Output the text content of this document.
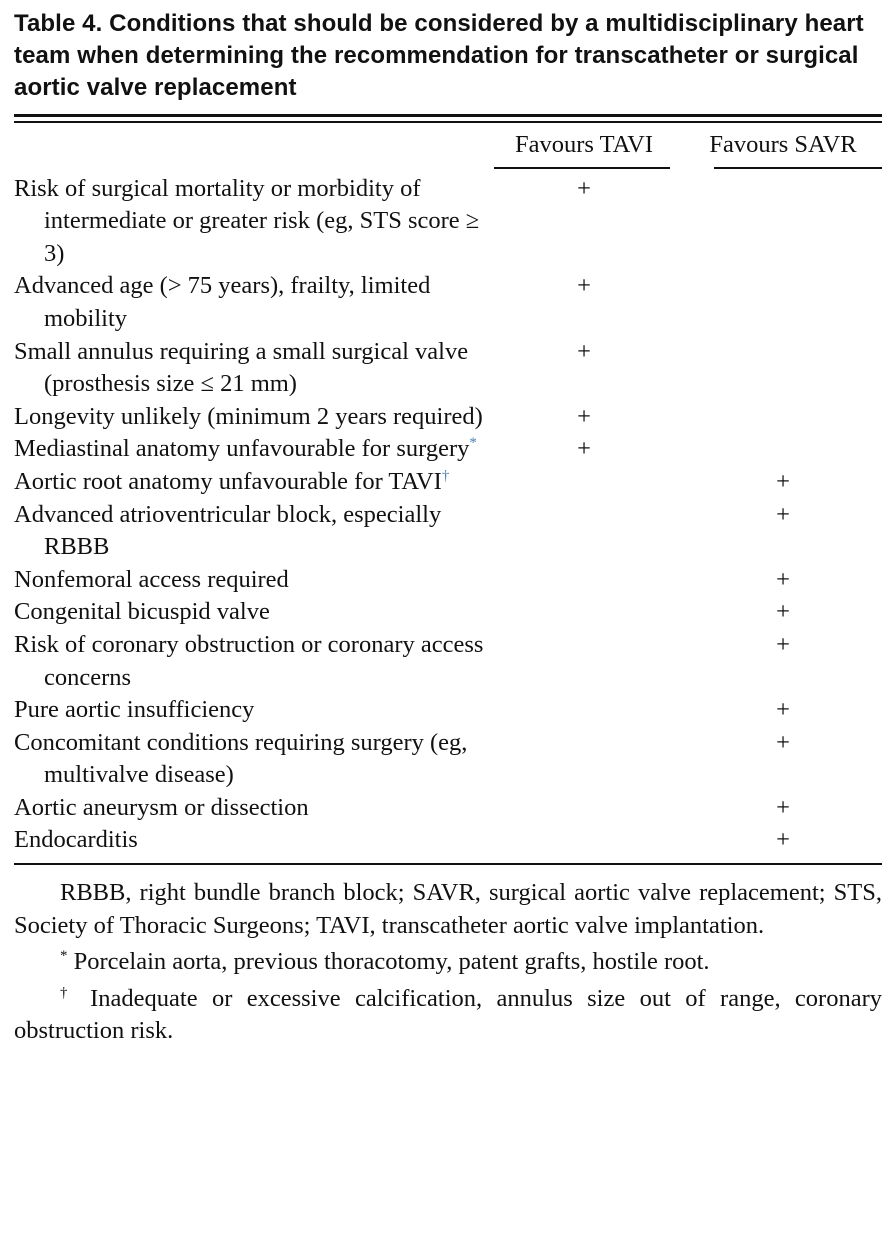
Table 4. Conditions that should be considered by a multidisciplinary heart team when determining the recommendation for transcatheter or surgical aortic valve replacement
	Favours TAVI	Favours SAVR

Risk of surgical mortality or morbidity of intermediate or greater risk (eg, STS score ≥ 3)	+	

Advanced age (> 75 years), frailty, limited mobility	+	

Small annulus requiring a small surgical valve (prosthesis size ≤ 21 mm)	+	

Longevity unlikely (minimum 2 years required)	+	

Mediastinal anatomy unfavourable for surgery*	+	

Aortic root anatomy unfavourable for TAVI†		+

Advanced atrioventricular block, especially RBBB		+

Nonfemoral access required		+

Congenital bicuspid valve		+

Risk of coronary obstruction or coronary access concerns		+

Pure aortic insufficiency		+

Concomitant conditions requiring surgery (eg, multivalve disease)		+

Aortic aneurysm or dissection		+

Endocarditis		+

RBBB, right bundle branch block; SAVR, surgical aortic valve replacement; STS, Society of Thoracic Surgeons; TAVI, transcatheter aortic valve implantation.

* Porcelain aorta, previous thoracotomy, patent grafts, hostile root.

† Inadequate or excessive calcification, annulus size out of range, coronary obstruction risk.
